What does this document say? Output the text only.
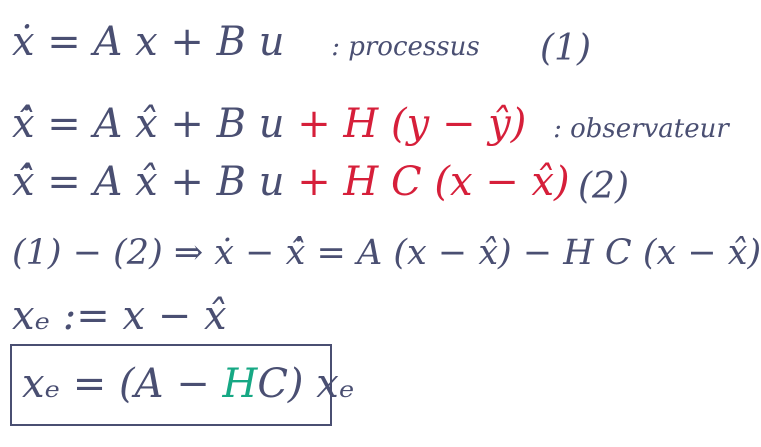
ẋ = A x + B u : processus (1)
x̂̇ = A x̂ + B u + H (y − ŷ) : observateur
x̂̇ = A x̂ + B u + H C (x − x̂) (2)
(1) − (2) ⇒ ẋ − x̂̇ = A (x − x̂) − H C (x − x̂)
xₑ := x − x̂
xₑ = (A − HC) xₑ
